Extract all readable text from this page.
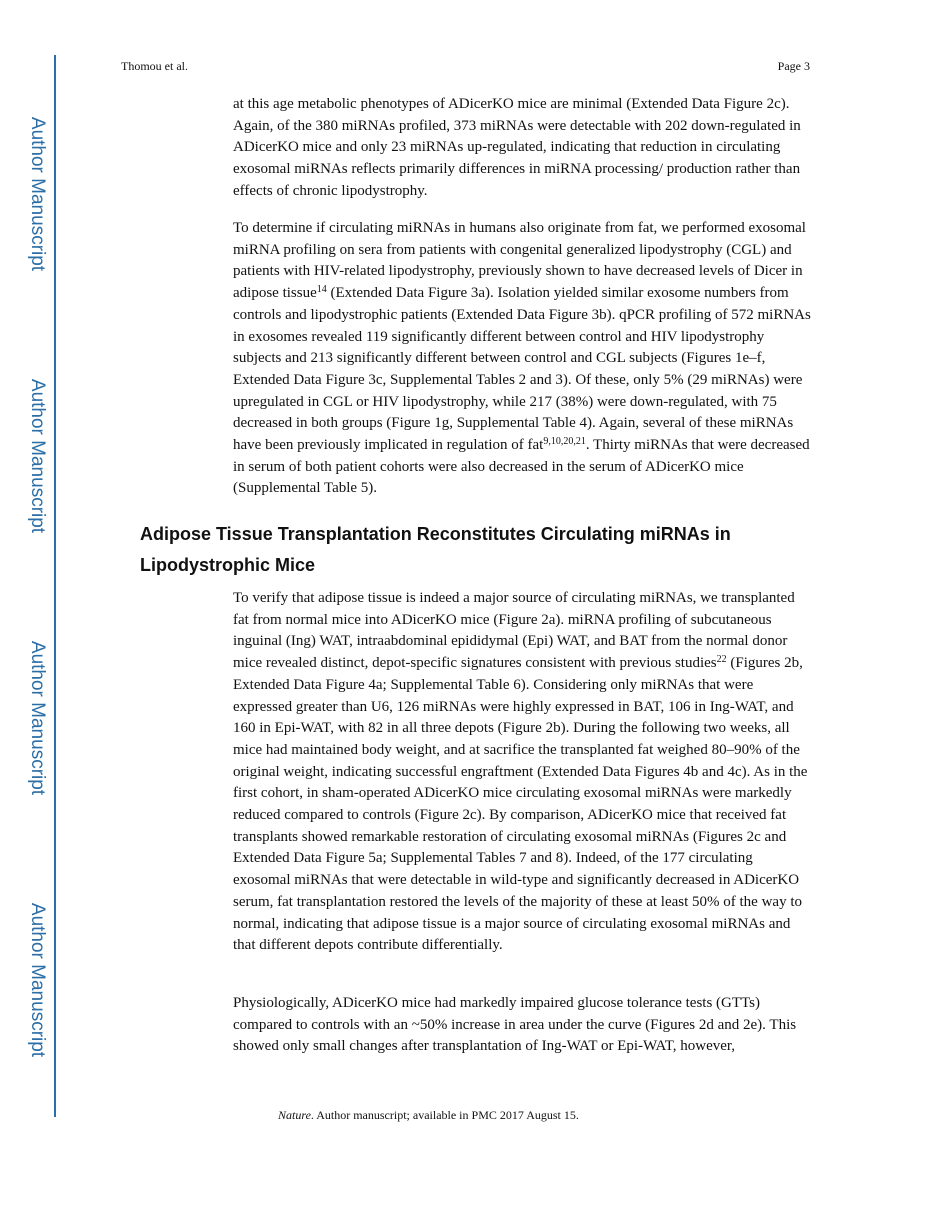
Author Manuscript
Author Manuscript
Author Manuscript
Author Manuscript
Thomou et al.	Page 3

at this age metabolic phenotypes of ADicerKO mice are minimal (Extended Data Figure 2c). Again, of the 380 miRNAs profiled, 373 miRNAs were detectable with 202 down-regulated in ADicerKO mice and only 23 miRNAs up-regulated, indicating that reduction in circulating exosomal miRNAs reflects primarily differences in miRNA processing/ production rather than effects of chronic lipodystrophy.

To determine if circulating miRNAs in humans also originate from fat, we performed exosomal miRNA profiling on sera from patients with congenital generalized lipodystrophy (CGL) and patients with HIV-related lipodystrophy, previously shown to have decreased levels of Dicer in adipose tissue$^{14}$ (Extended Data Figure 3a). Isolation yielded similar exosome numbers from controls and lipodystrophic patients (Extended Data Figure 3b). qPCR profiling of 572 miRNAs in exosomes revealed 119 significantly different between control and HIV lipodystrophy subjects and 213 significantly different between control and CGL subjects (Figures 1e–f, Extended Data Figure 3c, Supplemental Tables 2 and 3). Of these, only 5% (29 miRNAs) were upregulated in CGL or HIV lipodystrophy, while 217 (38%) were down-regulated, with 75 decreased in both groups (Figure 1g, Supplemental Table 4). Again, several of these miRNAs have been previously implicated in regulation of fat$^{9,10,20,21}$. Thirty miRNAs that were decreased in serum of both patient cohorts were also decreased in the serum of ADicerKO mice (Supplemental Table 5).

Adipose Tissue Transplantation Reconstitutes Circulating miRNAs in Lipodystrophic Mice

To verify that adipose tissue is indeed a major source of circulating miRNAs, we transplanted fat from normal mice into ADicerKO mice (Figure 2a). miRNA profiling of subcutaneous inguinal (Ing) WAT, intraabdominal epididymal (Epi) WAT, and BAT from the normal donor mice revealed distinct, depot-specific signatures consistent with previous studies$^{22}$ (Figures 2b, Extended Data Figure 4a; Supplemental Table 6). Considering only miRNAs that were expressed greater than U6, 126 miRNAs were highly expressed in BAT, 106 in Ing-WAT, and 160 in Epi-WAT, with 82 in all three depots (Figure 2b). During the following two weeks, all mice had maintained body weight, and at sacrifice the transplanted fat weighed 80–90% of the original weight, indicating successful engraftment (Extended Data Figures 4b and 4c). As in the first cohort, in sham-operated ADicerKO mice circulating exosomal miRNAs were markedly reduced compared to controls (Figure 2c). By comparison, ADicerKO mice that received fat transplants showed remarkable restoration of circulating exosomal miRNAs (Figures 2c and Extended Data Figure 5a; Supplemental Tables 7 and 8). Indeed, of the 177 circulating exosomal miRNAs that were detectable in wild-type and significantly decreased in ADicerKO serum, fat transplantation restored the levels of the majority of these at least 50% of the way to normal, indicating that adipose tissue is a major source of circulating exosomal miRNAs and that different depots contribute differentially.

Physiologically, ADicerKO mice had markedly impaired glucose tolerance tests (GTTs) compared to controls with an ~50% increase in area under the curve (Figures 2d and 2e). This showed only small changes after transplantation of Ing-WAT or Epi-WAT, however,

Nature. Author manuscript; available in PMC 2017 August 15.
